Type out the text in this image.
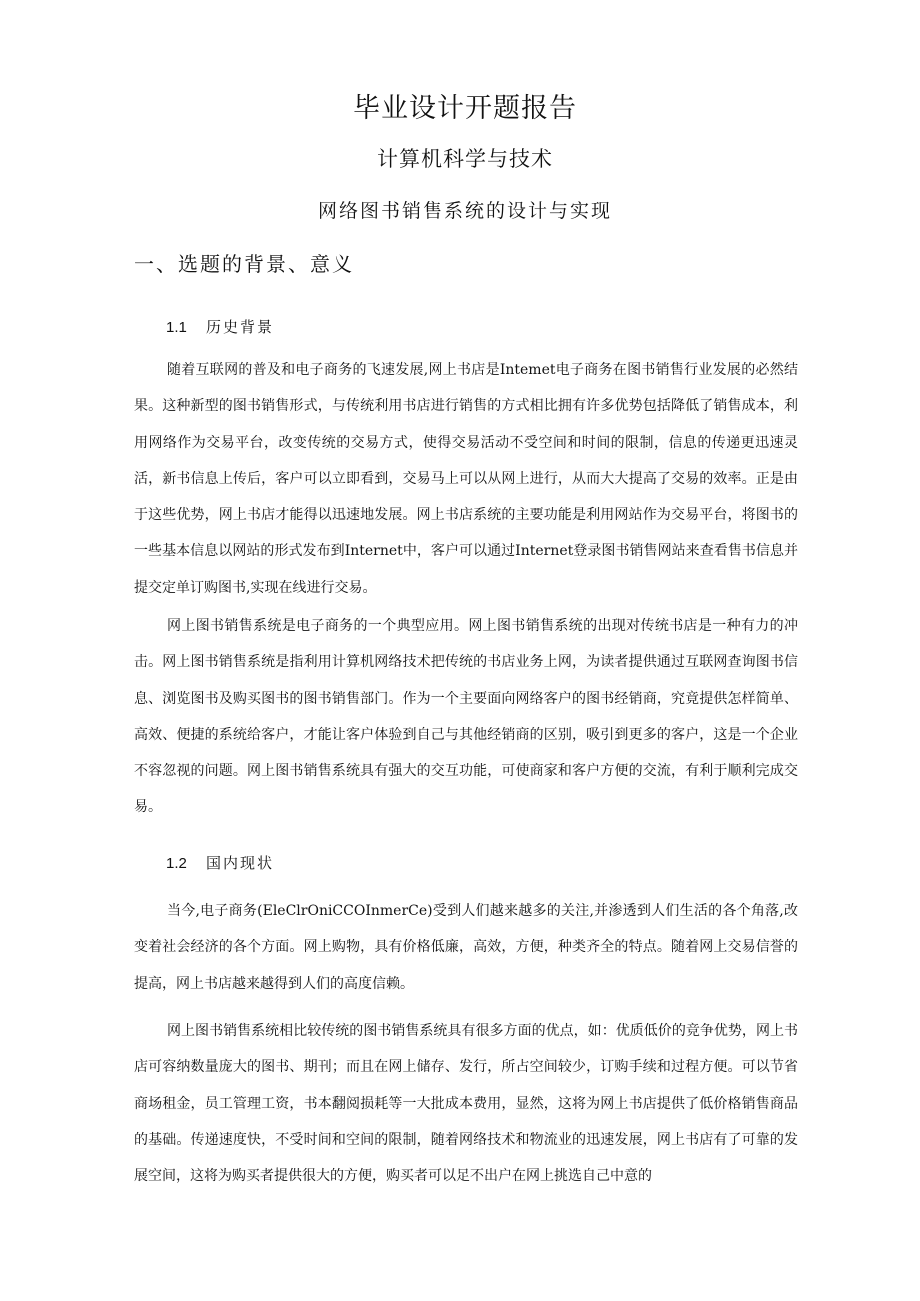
毕业设计开题报告
计算机科学与技术
网络图书销售系统的设计与实现
一、选题的背景、意义
1.1 历史背景

随着互联网的普及和电子商务的飞速发展,网上书店是Intemet电子商务在图书销售行业发展的必然结果。这种新型的图书销售形式，与传统利用书店进行销售的方式相比拥有许多优势包括降低了销售成本，利用网络作为交易平台，改变传统的交易方式，使得交易活动不受空间和时间的限制，信息的传递更迅速灵活，新书信息上传后，客户可以立即看到，交易马上可以从网上进行，从而大大提高了交易的效率。正是由于这些优势，网上书店才能得以迅速地发展。网上书店系统的主要功能是利用网站作为交易平台，将图书的一些基本信息以网站的形式发布到Internet中，客户可以通过Internet登录图书销售网站来查看售书信息并提交定单订购图书,实现在线进行交易。

网上图书销售系统是电子商务的一个典型应用。网上图书销售系统的出现对传统书店是一种有力的冲击。网上图书销售系统是指利用计算机网络技术把传统的书店业务上网，为读者提供通过互联网查询图书信息、浏览图书及购买图书的图书销售部门。作为一个主要面向网络客户的图书经销商，究竟提供怎样简单、高效、便捷的系统给客户，才能让客户体验到自己与其他经销商的区别，吸引到更多的客户，这是一个企业不容忽视的问题。网上图书销售系统具有强大的交互功能，可使商家和客户方便的交流，有利于顺利完成交易。

1.2 国内现状

当今,电子商务(EleClrOniCCOInmerCe)受到人们越来越多的关注,并渗透到人们生活的各个角落,改变着社会经济的各个方面。网上购物，具有价格低廉，高效，方便，种类齐全的特点。随着网上交易信誉的提高，网上书店越来越得到人们的高度信赖。

网上图书销售系统相比较传统的图书销售系统具有很多方面的优点，如：优质低价的竞争优势，网上书店可容纳数量庞大的图书、期刊；而且在网上储存、发行，所占空间较少，订购手续和过程方便。可以节省商场租金，员工管理工资，书本翻阅损耗等一大批成本费用，显然，这将为网上书店提供了低价格销售商品的基础。传递速度快，不受时间和空间的限制，随着网络技术和物流业的迅速发展，网上书店有了可靠的发展空间，这将为购买者提供很大的方便，购买者可以足不出户在网上挑选自己中意的
